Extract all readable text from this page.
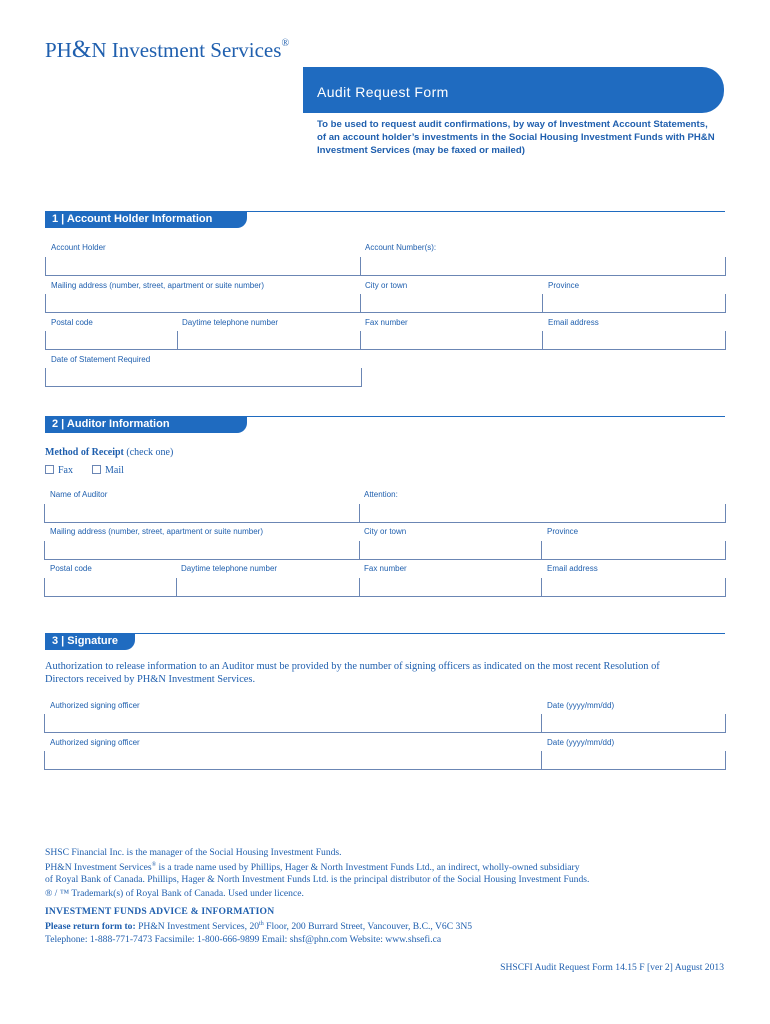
PH&N Investment Services®
Audit Request Form
To be used to request audit confirmations, by way of Investment Account Statements, of an account holder’s investments in the Social Housing Investment Funds with PH&N Investment Services (may be faxed or mailed)
1 | Account Holder Information
Account Holder	Account Number(s):
Mailing address (number, street, apartment or suite number)	City or town	Province
Postal code	Daytime telephone number	Fax number	Email address
Date of Statement Required
2 | Auditor Information
Method of Receipt (check one)
Fax	Mail
Name of Auditor	Attention:
Mailing address (number, street, apartment or suite number)	City or town	Province
Postal code	Daytime telephone number	Fax number	Email address
3 | Signature
Authorization to release information to an Auditor must be provided by the number of signing officers as indicated on the most recent Resolution of
Directors received by PH&N Investment Services.
Authorized signing officer	Date (yyyy/mm/dd)
Authorized signing officer	Date (yyyy/mm/dd)
SHSC Financial Inc. is the manager of the Social Housing Investment Funds.
PH&N Investment Services® is a trade name used by Phillips, Hager & North Investment Funds Ltd., an indirect, wholly-owned subsidiary
of Royal Bank of Canada. Phillips, Hager & North Investment Funds Ltd. is the principal distributor of the Social Housing Investment Funds.
® / ™ Trademark(s) of Royal Bank of Canada. Used under licence.
INVESTMENT FUNDS ADVICE & INFORMATION
Please return form to: PH&N Investment Services, 20th Floor, 200 Burrard Street, Vancouver, B.C., V6C 3N5
Telephone: 1-888-771-7473 Facsimile: 1-800-666-9899 Email: shsf@phn.com Website: www.shsefi.ca
SHSCFI Audit Request Form 14.15 F [ver 2] August 2013
